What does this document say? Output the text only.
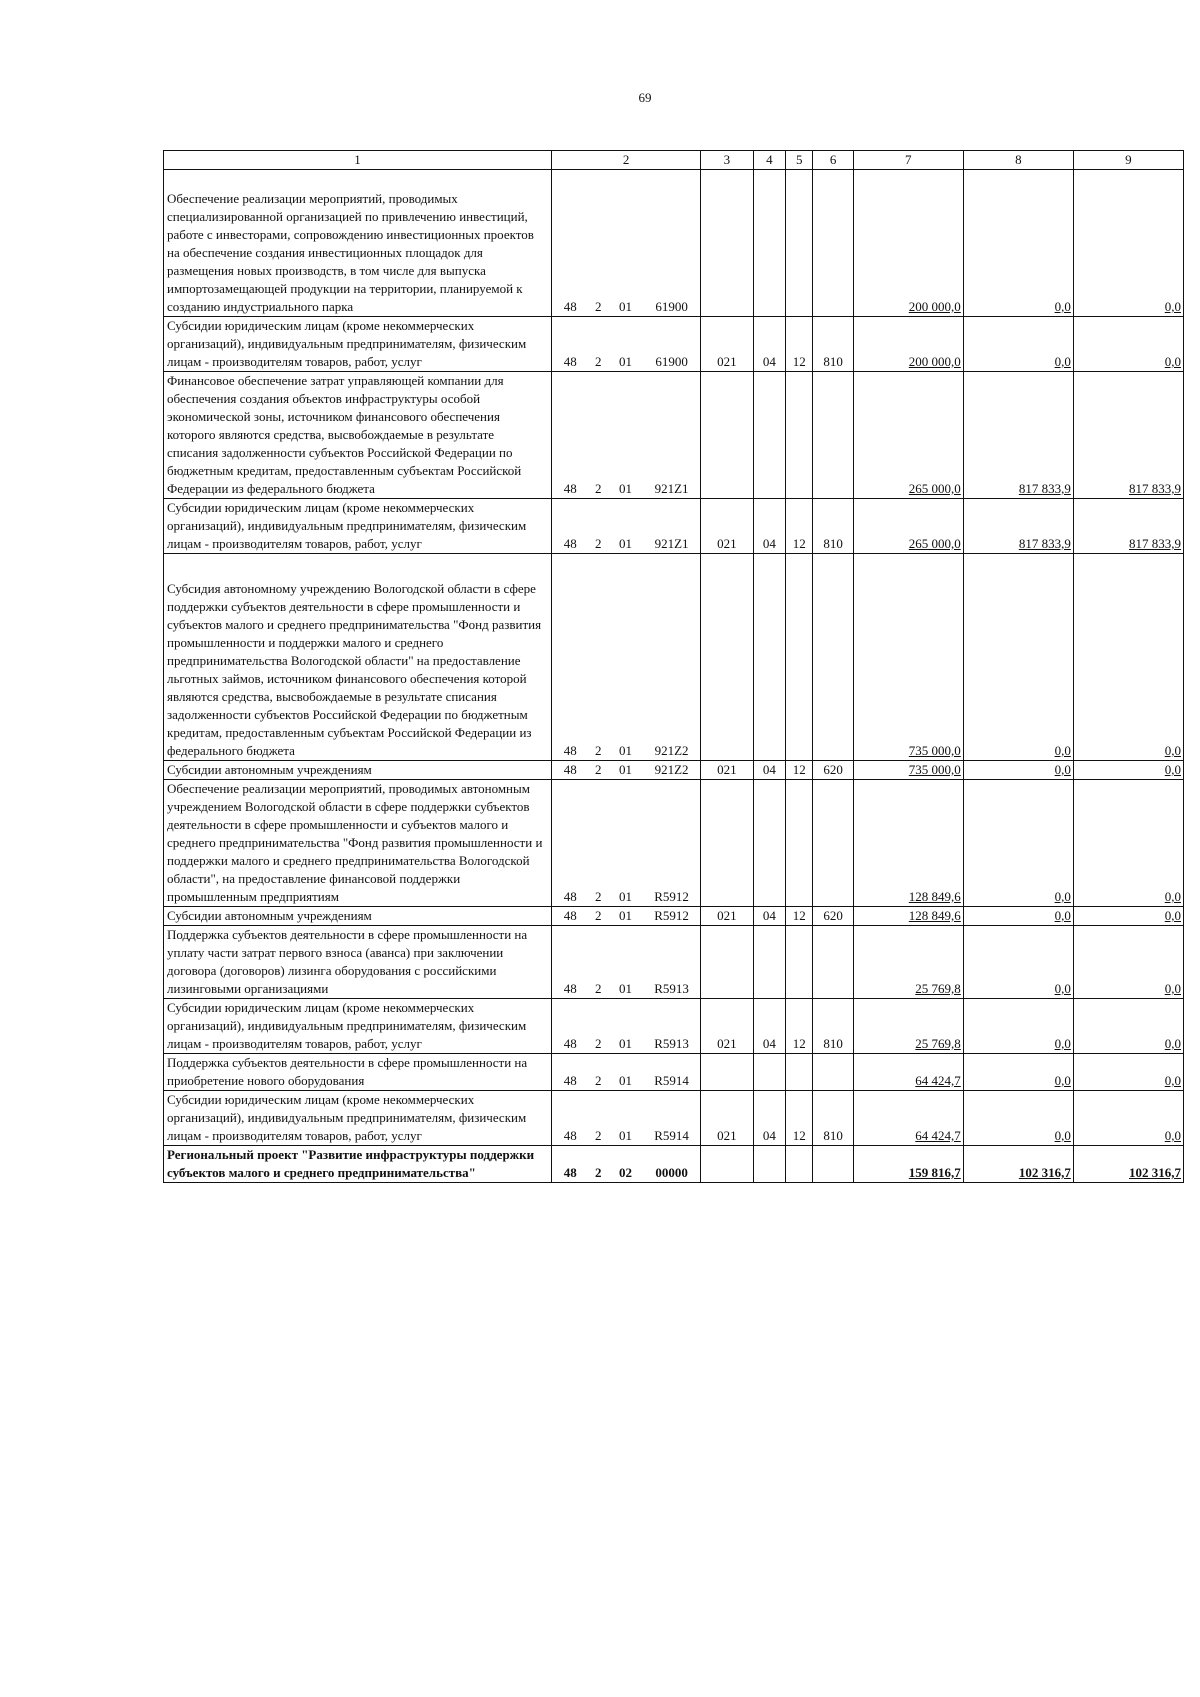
69
1	2				3	4	5	6	7	8	9
Обеспечение реализации мероприятий, проводимых специализированной организацией по привлечению инвестиций, работе с инвесторами, сопровождению инвестиционных проектов на обеспечение создания инвестиционных площадок для размещения новых производств, в том числе для выпуска импортозамещающей продукции на территории, планируемой к созданию индустриального парка	48	2	01	61900					200 000,0	0,0	0,0
Субсидии юридическим лицам (кроме некоммерческих организаций), индивидуальным предпринимателям, физическим лицам - производителям товаров, работ, услуг	48	2	01	61900	021	04	12	810	200 000,0	0,0	0,0
Финансовое обеспечение затрат управляющей компании для обеспечения создания объектов инфраструктуры особой экономической зоны, источником финансового обеспечения которого являются средства, высвобождаемые в результате списания задолженности субъектов Российской Федерации по бюджетным кредитам, предоставленным субъектам Российской Федерации из федерального бюджета	48	2	01	921Z1					265 000,0	817 833,9	817 833,9
Субсидии юридическим лицам (кроме некоммерческих организаций), индивидуальным предпринимателям, физическим лицам - производителям товаров, работ, услуг	48	2	01	921Z1	021	04	12	810	265 000,0	817 833,9	817 833,9
Субсидия автономному учреждению Вологодской области в сфере поддержки субъектов деятельности в сфере промышленности и субъектов малого и среднего предпринимательства "Фонд развития промышленности и поддержки малого и среднего предпринимательства Вологодской области" на предоставление льготных займов, источником финансового обеспечения которой являются средства, высвобождаемые в результате списания задолженности субъектов Российской Федерации по бюджетным кредитам, предоставленным субъектам Российской Федерации из федерального бюджета	48	2	01	921Z2					735 000,0	0,0	0,0
Субсидии автономным учреждениям	48	2	01	921Z2	021	04	12	620	735 000,0	0,0	0,0
Обеспечение реализации мероприятий, проводимых автономным учреждением Вологодской области в сфере поддержки субъектов деятельности в сфере промышленности и субъектов малого и среднего предпринимательства "Фонд развития промышленности и поддержки малого и среднего предпринимательства Вологодской области", на предоставление финансовой поддержки промышленным предприятиям	48	2	01	R5912					128 849,6	0,0	0,0
Субсидии автономным учреждениям	48	2	01	R5912	021	04	12	620	128 849,6	0,0	0,0
Поддержка субъектов деятельности в сфере промышленности на уплату части затрат первого взноса (аванса) при заключении договора (договоров) лизинга оборудования с российскими лизинговыми организациями	48	2	01	R5913					25 769,8	0,0	0,0
Субсидии юридическим лицам (кроме некоммерческих организаций), индивидуальным предпринимателям, физическим лицам - производителям товаров, работ, услуг	48	2	01	R5913	021	04	12	810	25 769,8	0,0	0,0
Поддержка субъектов деятельности в сфере промышленности на приобретение нового оборудования	48	2	01	R5914					64 424,7	0,0	0,0
Субсидии юридическим лицам (кроме некоммерческих организаций), индивидуальным предпринимателям, физическим лицам - производителям товаров, работ, услуг	48	2	01	R5914	021	04	12	810	64 424,7	0,0	0,0
Региональный проект "Развитие инфраструктуры поддержки субъектов малого и среднего предпринимательства"	48	2	02	00000					159 816,7	102 316,7	102 316,7
